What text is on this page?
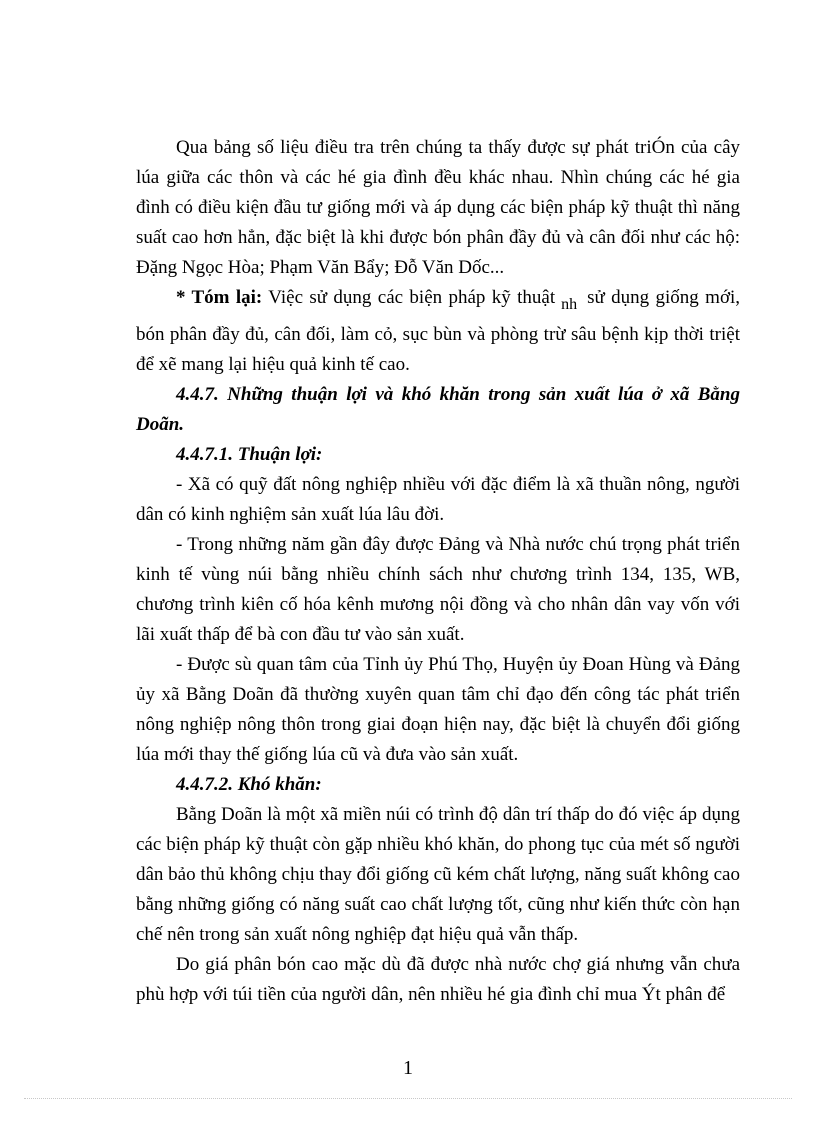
Qua bảng số liệu điều tra trên chúng ta thấy được sự phát triÓn của cây lúa giữa các thôn và các hé gia đình đều khác nhau. Nhìn chúng các hé gia đình có điều kiện đầu tư giống mới và áp dụng các biện pháp kỹ thuật thì năng suất cao hơn hẳn, đặc biệt là khi được bón phân đầy đủ và cân đối như các hộ: Đặng Ngọc Hòa; Phạm Văn Bẩy; Đỗ Văn Dốc...

* Tóm lại: Việc sử dụng các biện pháp kỹ thuật $_{nh}$ sử dụng giống mới, bón phân đầy đủ, cân đối, làm cỏ, sục bùn và phòng trừ sâu bệnh kịp thời triệt để xẽ mang lại hiệu quả kinh tế cao.

4.4.7. Những thuận lợi và khó khăn trong sản xuất lúa ở xã Bằng Doãn.

4.4.7.1. Thuận lợi:

- Xã có quỹ đất nông nghiệp nhiều với đặc điểm là xã thuần nông, người dân có kinh nghiệm sản xuất lúa lâu đời.

- Trong những năm gần đây được Đảng và Nhà nước chú trọng phát triển kinh tế vùng núi bằng nhiều chính sách như chương trình 134, 135, WB, chương trình kiên cố hóa kênh mương nội đồng và cho nhân dân vay vốn với lãi xuất thấp để bà con đầu tư vào sản xuất.

- Được sù quan tâm của Tỉnh ủy Phú Thọ, Huyện ủy Đoan Hùng và Đảng ủy xã Bằng Doãn đã thường xuyên quan tâm chỉ đạo đến công tác phát triển nông nghiệp nông thôn trong giai đoạn hiện nay, đặc biệt là chuyển đổi giống lúa mới thay thế giống lúa cũ và đưa vào sản xuất.

4.4.7.2. Khó khăn:

Bằng Doãn là một xã miền núi có trình độ dân trí thấp do đó việc áp dụng các biện pháp kỹ thuật còn gặp nhiều khó khăn, do phong tục của mét số người dân bảo thủ không chịu thay đổi giống cũ kém chất lượng, năng suất không cao bằng những giống có năng suất cao chất lượng tốt, cũng như kiến thức còn hạn chế nên trong sản xuất nông nghiệp đạt hiệu quả vẫn thấp.

Do giá phân bón cao mặc dù đã được nhà nước chợ giá nhưng vẫn chưa phù hợp với túi tiền của người dân, nên nhiều hé gia đình chỉ mua Ýt phân để

1
